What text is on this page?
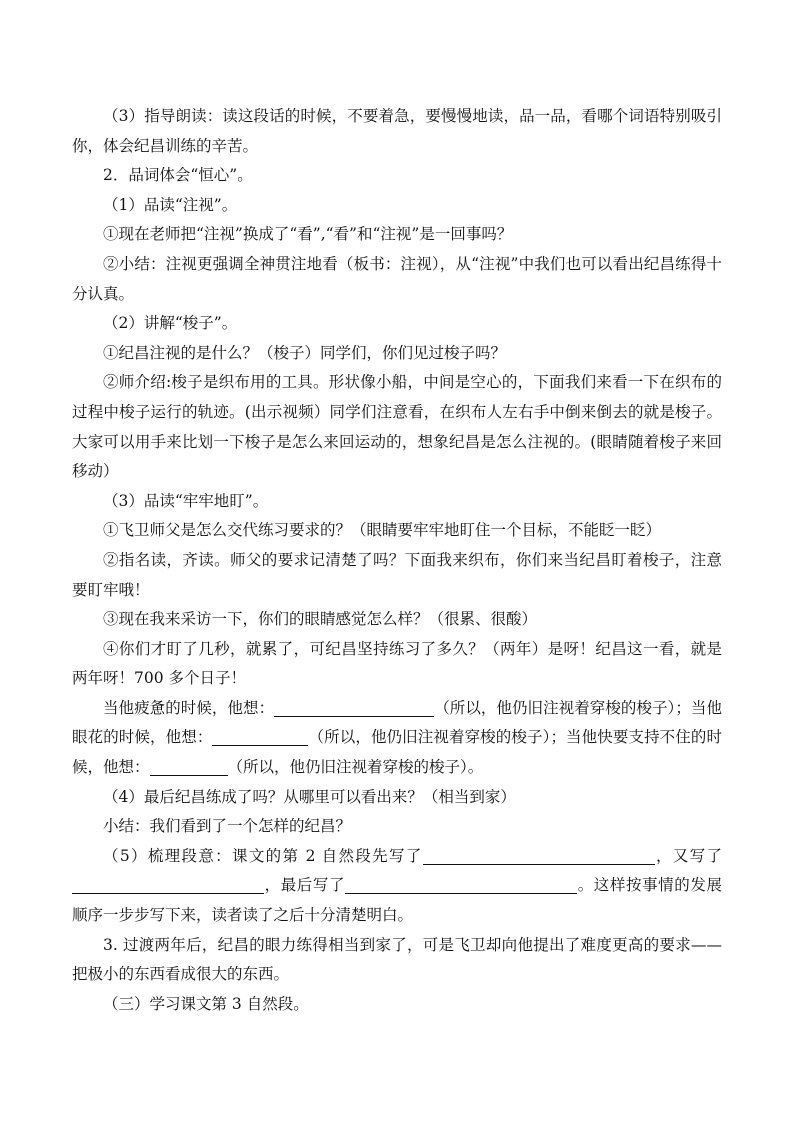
（3）指导朗读：读这段话的时候，不要着急，要慢慢地读，品一品，看哪个词语特别吸引你，体会纪昌训练的辛苦。

2．品词体会“恒心”。

（1）品读“注视”。

①现在老师把“注视”换成了“看”,“看”和“注视”是一回事吗？

②小结：注视更强调全神贯注地看（板书：注视），从“注视”中我们也可以看出纪昌练得十分认真。

（2）讲解“梭子”。

①纪昌注视的是什么？（梭子）同学们，你们见过梭子吗？

②师介绍:梭子是织布用的工具。形状像小船，中间是空心的，下面我们来看一下在织布的过程中梭子运行的轨迹。(出示视频）同学们注意看，在织布人左右手中倒来倒去的就是梭子。大家可以用手来比划一下梭子是怎么来回运动的，想象纪昌是怎么注视的。(眼睛随着梭子来回移动）

（3）品读“牢牢地盯”。

①飞卫师父是怎么交代练习要求的？（眼睛要牢牢地盯住一个目标，不能眨一眨）

②指名读，齐读。师父的要求记清楚了吗？下面我来织布，你们来当纪昌盯着梭子，注意要盯牢哦！

③现在我来采访一下，你们的眼睛感觉怎么样？（很累、很酸）

④你们才盯了几秒，就累了，可纪昌坚持练习了多久？（两年）是呀！纪昌这一看，就是两年呀！700 多个日子！

当他疲惫的时候，他想：	（所以，他仍旧注视着穿梭的梭子）；当他眼花的时候，他想：	（所以，他仍旧注视着穿梭的梭子）；当他快要支持不住的时候，他想：	（所以，他仍旧注视着穿梭的梭子）。

（4）最后纪昌练成了吗？从哪里可以看出来？（相当到家）

小结：我们看到了一个怎样的纪昌？

（5）梳理段意：课文的第 2 自然段先写了	，又写了，最后写了	。这样按事情的发展顺序一步步写下来，读者读了之后十分清楚明白。

3. 过渡两年后，纪昌的眼力练得相当到家了，可是飞卫却向他提出了难度更高的要求——把极小的东西看成很大的东西。

（三）学习课文第 3 自然段。
